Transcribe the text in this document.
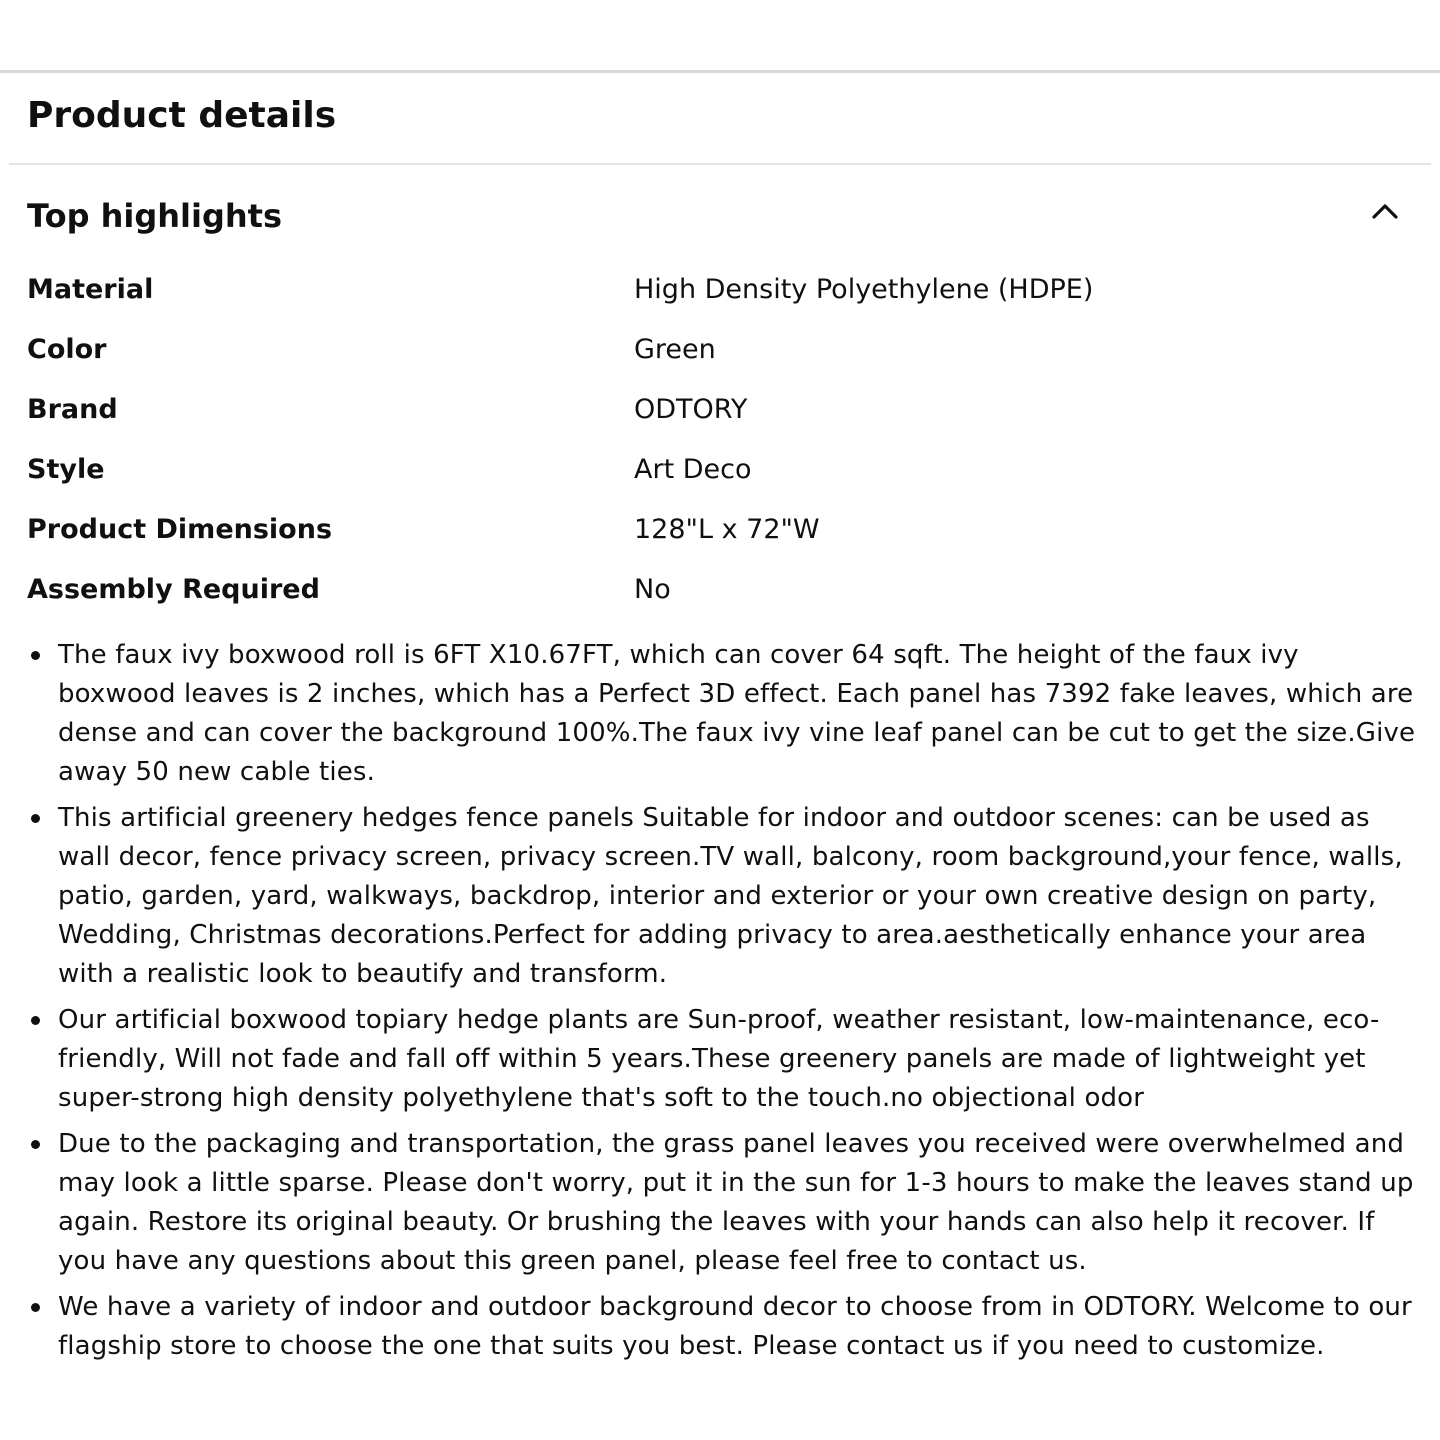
Product details
Top highlights
Material	High Density Polyethylene (HDPE)
Color	Green
Brand	ODTORY
Style	Art Deco
Product Dimensions	128"L x 72"W
Assembly Required	No
The faux ivy boxwood roll is 6FT X10.67FT, which can cover 64 sqft. The height of the faux ivy boxwood leaves is 2 inches, which has a Perfect 3D effect. Each panel has 7392 fake leaves, which are dense and can cover the background 100%.The faux ivy vine leaf panel can be cut to get the size.Give away 50 new cable ties.
This artificial greenery hedges fence panels Suitable for indoor and outdoor scenes: can be used as wall decor, fence privacy screen, privacy screen.TV wall, balcony, room background,your fence, walls, patio, garden, yard, walkways, backdrop, interior and exterior or your own creative design on party, Wedding, Christmas decorations.Perfect for adding privacy to area.aesthetically enhance your area with a realistic look to beautify and transform.
Our artificial boxwood topiary hedge plants are Sun-proof, weather resistant, low-maintenance, eco-friendly, Will not fade and fall off within 5 years.These greenery panels are made of lightweight yet super-strong high density polyethylene that's soft to the touch.no objectional odor
Due to the packaging and transportation, the grass panel leaves you received were overwhelmed and may look a little sparse. Please don't worry, put it in the sun for 1-3 hours to make the leaves stand up again. Restore its original beauty. Or brushing the leaves with your hands can also help it recover. If you have any questions about this green panel, please feel free to contact us.
We have a variety of indoor and outdoor background decor to choose from in ODTORY. Welcome to our flagship store to choose the one that suits you best. Please contact us if you need to customize.
